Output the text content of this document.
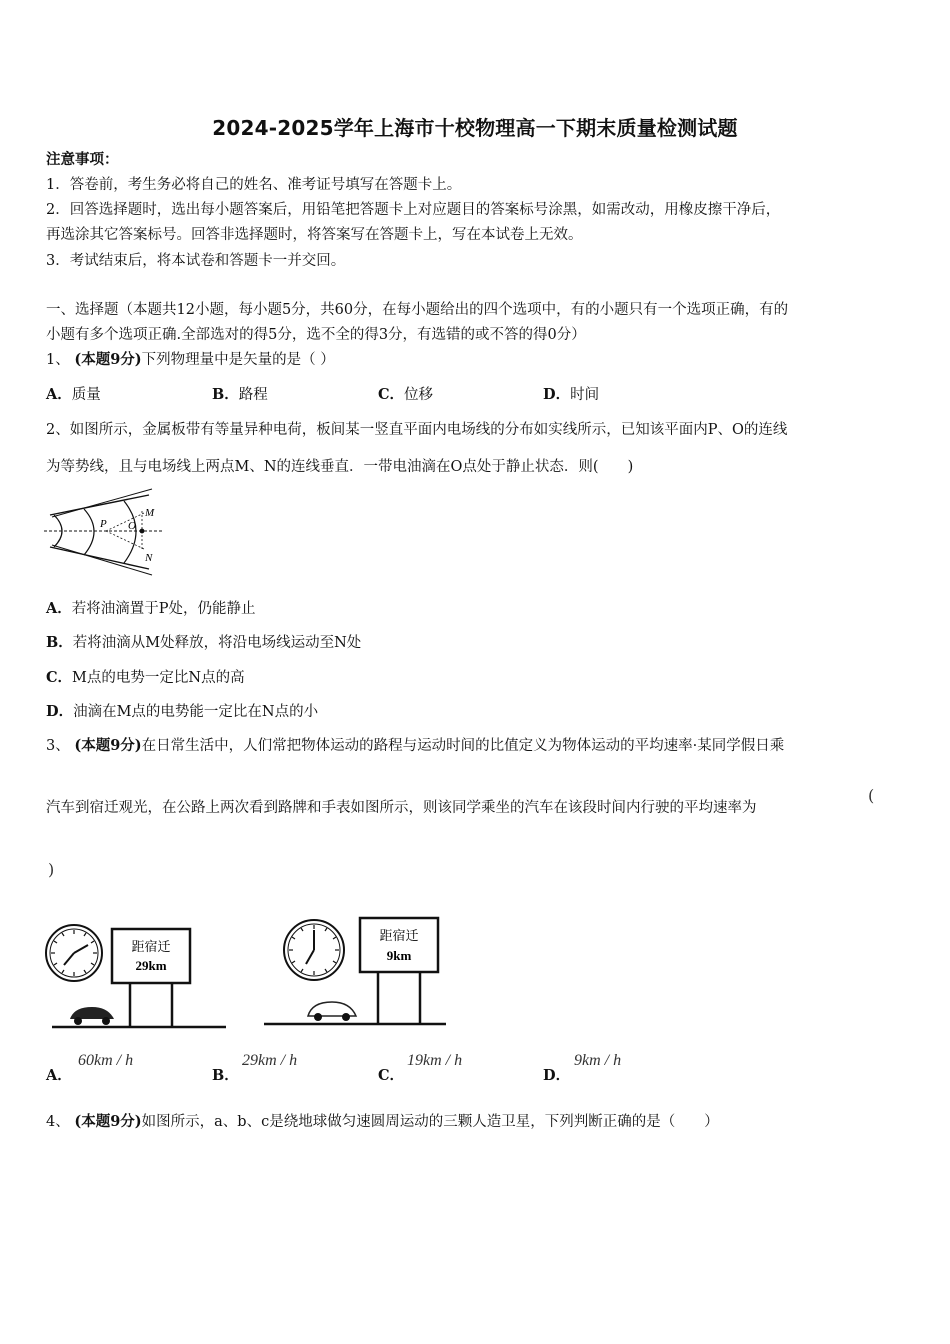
2024-2025学年上海市十校物理高一下期末质量检测试题
注意事项：
1．答卷前，考生务必将自己的姓名、准考证号填写在答题卡上。
2．回答选择题时，选出每小题答案后，用铅笔把答题卡上对应题目的答案标号涂黑，如需改动，用橡皮擦干净后，
再选涂其它答案标号。回答非选择题时，将答案写在答题卡上，写在本试卷上无效。
3．考试结束后，将本试卷和答题卡一并交回。
一、选择题（本题共12小题，每小题5分，共60分，在每小题给出的四个选项中，有的小题只有一个选项正确，有的
小题有多个选项正确.全部选对的得5分，选不全的得3分，有选错的或不答的得0分）
1、 (本题9分)下列物理量中是矢量的是（ ）
A．质量	B．路程	C．位移	D．时间
2、如图所示，金属板带有等量异种电荷，板间某一竖直平面内电场线的分布如实线所示，已知该平面内P、O的连线
为等势线，且与电场线上两点M、N的连线垂直．一带电油滴在O点处于静止状态．则(　　)
P O
M
N
A．若将油滴置于P处，仍能静止
B．若将油滴从M处释放，将沿电场线运动至N处
C．M点的电势一定比N点的高
D．油滴在M点的电势能一定比在N点的小
3、 (本题9分)在日常生活中，人们常把物体运动的路程与运动时间的比值定义为物体运动的平均速率·某同学假日乘
汽车到宿迁观光，在公路上两次看到路牌和手表如图所示，则该同学乘坐的汽车在该段时间内行驶的平均速率为
(
)
距宿迁
29km
距宿迁
9km
A．
60km / h
B．
29km / h
C．
19km / h
D．
9km / h
4、 (本题9分)如图所示，a、b、c是绕地球做匀速圆周运动的三颗人造卫星，下列判断正确的是（　　）
